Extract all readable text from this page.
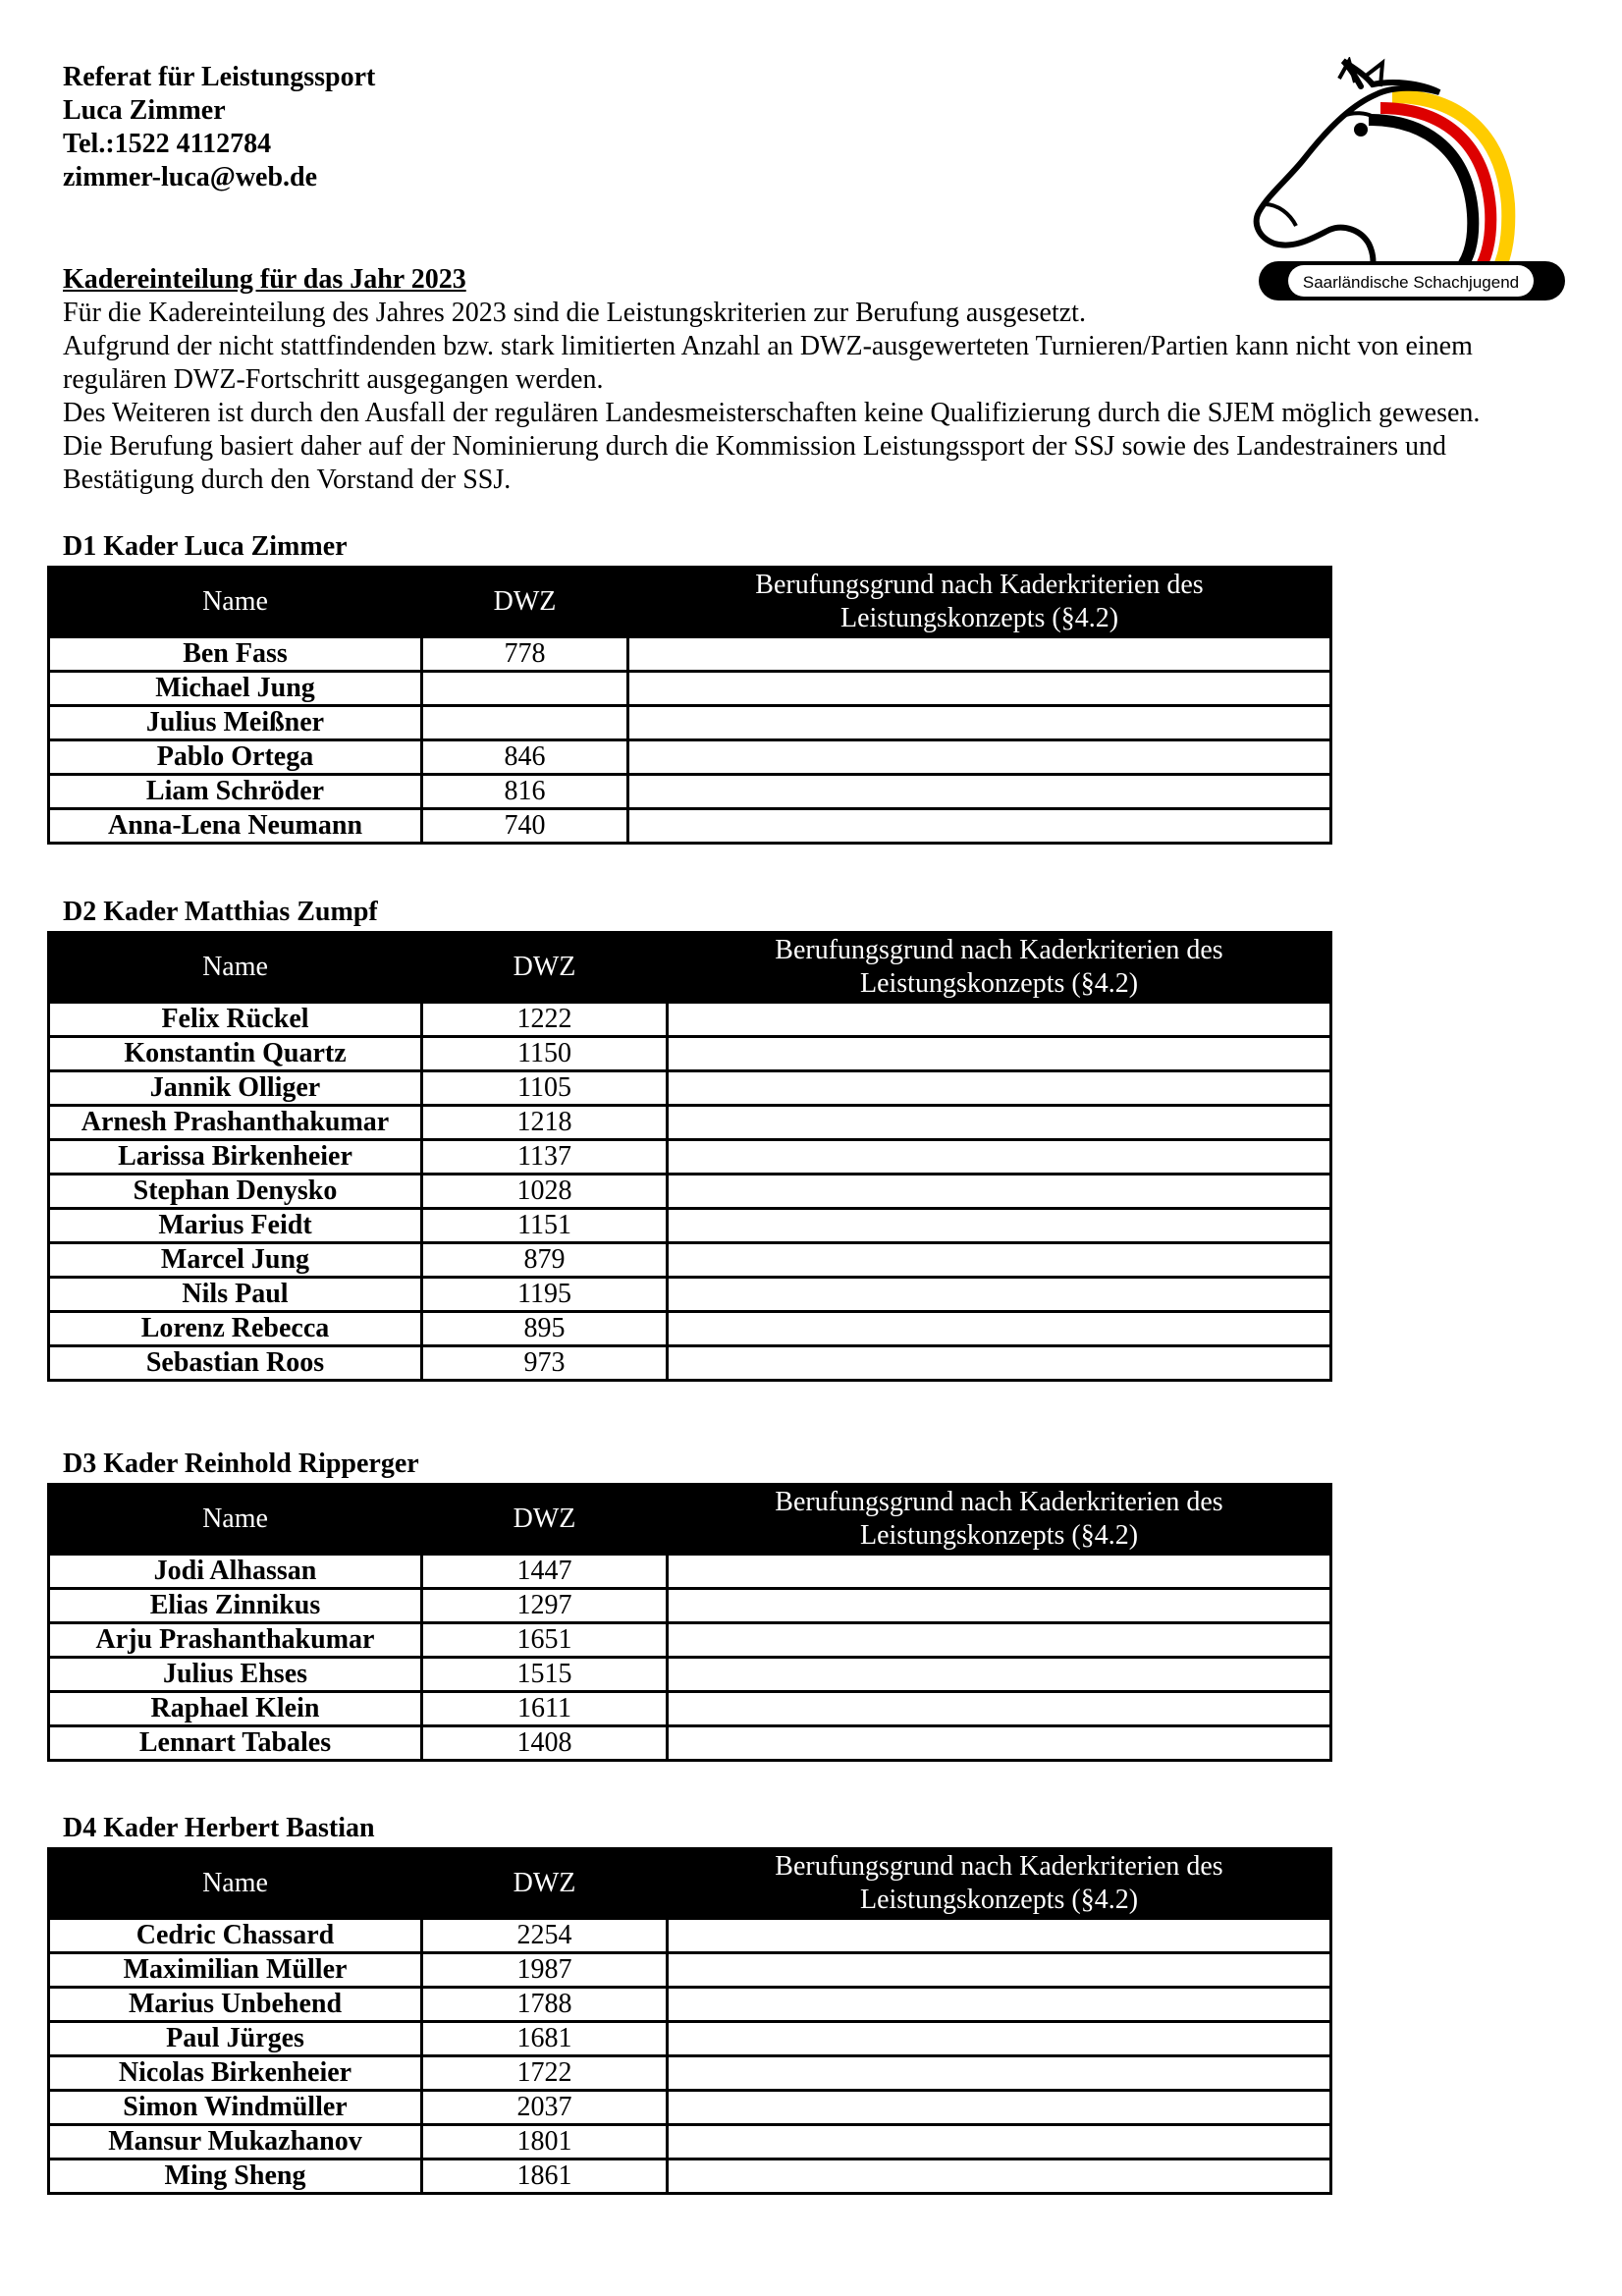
Referat für Leistungssport
Luca Zimmer
Tel.:1522 4112784
zimmer-luca@web.de
Saarländische Schachjugend

Kadereinteilung für das Jahr 2023

Für die Kadereinteilung des Jahres 2023 sind die Leistungskriterien zur Berufung ausgesetzt.

Aufgrund der nicht stattfindenden bzw. stark limitierten Anzahl an DWZ-ausgewerteten Turnieren/Partien kann nicht von einem regulären DWZ-Fortschritt ausgegangen werden.

Des Weiteren ist durch den Ausfall der regulären Landesmeisterschaften keine Qualifizierung durch die SJEM möglich gewesen.

Die Berufung basiert daher auf der Nominierung durch die Kommission Leistungssport der SSJ sowie des Landestrainers und Bestätigung durch den Vorstand der SSJ.

D1 Kader Luca Zimmer
Name	DWZ	Berufungsgrund nach Kaderkriterien des
Leistungskonzepts (§4.2)

Ben Fass	778	
Michael Jung		
Julius Meißner		
Pablo Ortega	846	
Liam Schröder	816	
Anna-Lena Neumann	740	
D2 Kader Matthias Zumpf
Name	DWZ	Berufungsgrund nach Kaderkriterien des
Leistungskonzepts (§4.2)

Felix Rückel	1222	
Konstantin Quartz	1150	
Jannik Olliger	1105	
Arnesh Prashanthakumar	1218	
Larissa Birkenheier	1137	
Stephan Denysko	1028	
Marius Feidt	1151	
Marcel Jung	879	
Nils Paul	1195	
Lorenz Rebecca	895	
Sebastian Roos	973	
D3 Kader Reinhold Ripperger
Name	DWZ	Berufungsgrund nach Kaderkriterien des
Leistungskonzepts (§4.2)

Jodi Alhassan	1447	
Elias Zinnikus	1297	
Arju Prashanthakumar	1651	
Julius Ehses	1515	
Raphael Klein	1611	
Lennart Tabales	1408	
D4 Kader Herbert Bastian
Name	DWZ	Berufungsgrund nach Kaderkriterien des
Leistungskonzepts (§4.2)

Cedric Chassard	2254	
Maximilian Müller	1987	
Marius Unbehend	1788	
Paul Jürges	1681	
Nicolas Birkenheier	1722	
Simon Windmüller	2037	
Mansur Mukazhanov	1801	
Ming Sheng	1861	
